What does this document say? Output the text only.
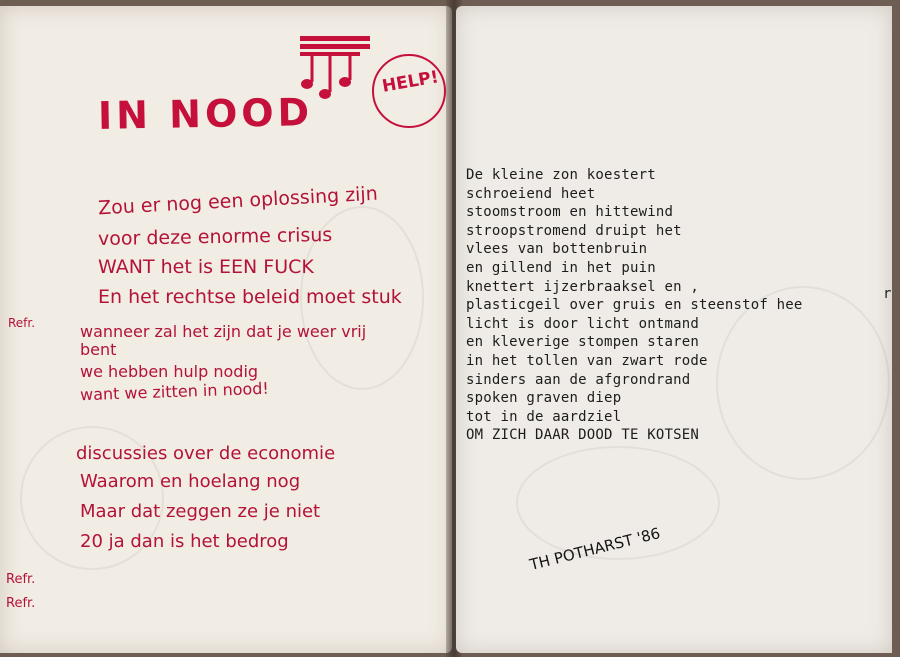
HELP!
IN NOOD

Zou er nog een oplossing zijn

voor deze enorme crisus

WANT het is EEN FUCK

En het rechtse beleid moet stuk

Refr.	wanneer zal het zijn dat je weer vrij

bent

we hebben hulp nodig

want we zitten in nood!

discussies over de economie

Waarom en hoelang nog

Maar dat zeggen ze je niet

20 ja dan is het bedrog

Refr.

Refr.

De kleine zon koestert
schroeiend heet
stoomstroom en hittewind
stroopstromend druipt het
vlees van bottenbruin
en gillend in het puin
knettert ijzerbraaksel en ,
plasticgeil over gruis en steenstof hee
licht is door licht ontmand
en kleverige stompen staren
in het tollen van zwart rode
sinders aan de afgrondrand
spoken graven diep
tot in de aardziel
OM ZICH DAAR DOOD TE KOTSEN
r
TH POTHARST '86
